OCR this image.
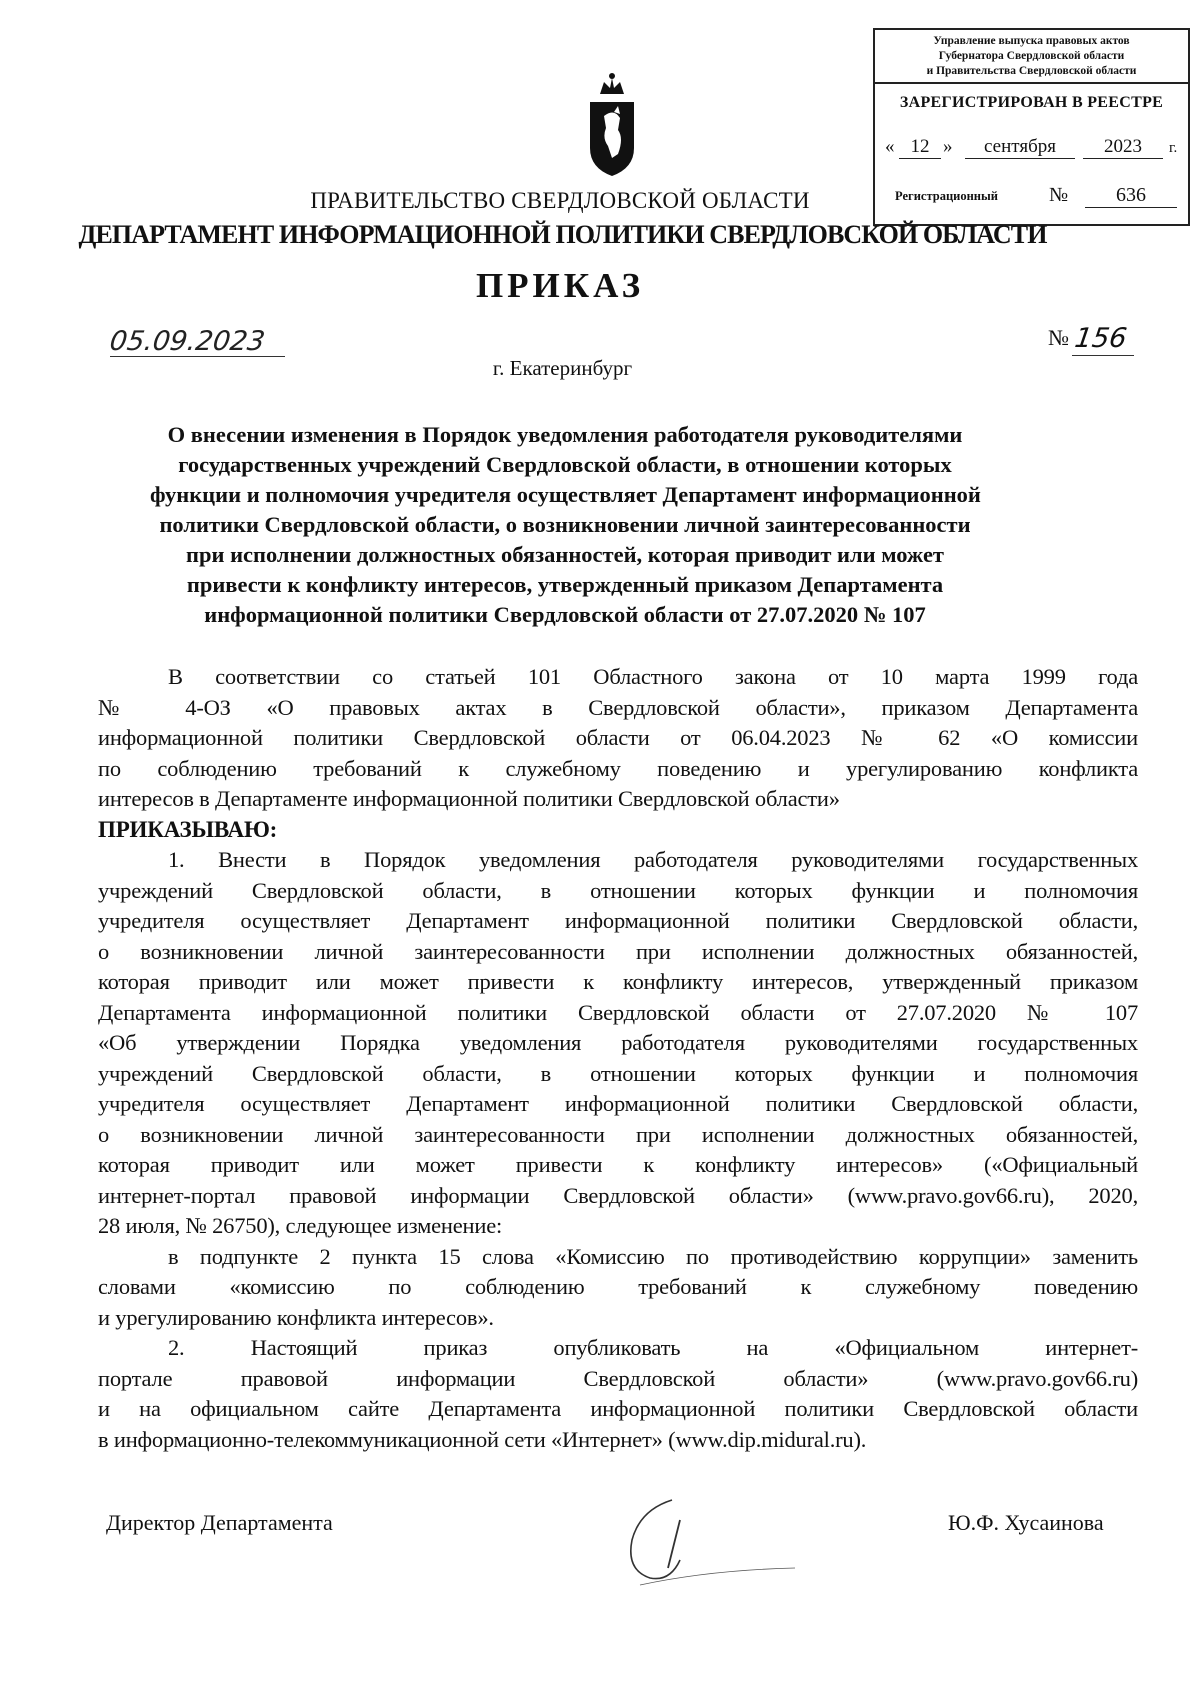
Управление выпуска правовых актов
Губернатора Свердловской области
и Правительства Свердловской области
ЗАРЕГИСТРИРОВАН В РЕЕСТРЕ
« 12 »	сентября	2023	г.
Регистрационный	№	636
ПРАВИТЕЛЬСТВО СВЕРДЛОВСКОЙ ОБЛАСТИ
ДЕПАРТАМЕНТ ИНФОРМАЦИОННОЙ ПОЛИТИКИ СВЕРДЛОВСКОЙ ОБЛАСТИ
ПРИКАЗ
05.09.2023	№ 156
г. Екатеринбург
О внесении изменения в Порядок уведомления работодателя руководителями
государственных учреждений Свердловской области, в отношении которых
функции и полномочия учредителя осуществляет Департамент информационной
политики Свердловской области, о возникновении личной заинтересованности
при исполнении должностных обязанностей, которая приводит или может
привести к конфликту интересов, утвержденный приказом Департамента
информационной политики Свердловской области от 27.07.2020 № 107
В соответствии со статьей 101 Областного закона от 10 марта 1999 года
№ 4-ОЗ «О правовых актах в Свердловской области», приказом Департамента
информационной политики Свердловской области от 06.04.2023 № 62 «О комиссии
по соблюдению требований к служебному поведению и урегулированию конфликта
интересов в Департаменте информационной политики Свердловской области»
ПРИКАЗЫВАЮ:
1. Внести в Порядок уведомления работодателя руководителями государственных
учреждений Свердловской области, в отношении которых функции и полномочия
учредителя осуществляет Департамент информационной политики Свердловской области,
о возникновении личной заинтересованности при исполнении должностных обязанностей,
которая приводит или может привести к конфликту интересов, утвержденный приказом
Департамента информационной политики Свердловской области от 27.07.2020 № 107
«Об утверждении Порядка уведомления работодателя руководителями государственных
учреждений Свердловской области, в отношении которых функции и полномочия
учредителя осуществляет Департамент информационной политики Свердловской области,
о возникновении личной заинтересованности при исполнении должностных обязанностей,
которая приводит или может привести к конфликту интересов» («Официальный
интернет-портал правовой информации Свердловской области» (www.pravo.gov66.ru), 2020,
28 июля, № 26750), следующее изменение:
в подпункте 2 пункта 15 слова «Комиссию по противодействию коррупции» заменить
словами «комиссию по соблюдению требований к служебному поведению
и урегулированию конфликта интересов».
2. Настоящий приказ опубликовать на «Официальном интернет-
портале правовой информации Свердловской области» (www.pravo.gov66.ru)
и на официальном сайте Департамента информационной политики Свердловской области
в информационно-телекоммуникационной сети «Интернет» (www.dip.midural.ru).
Директор Департамента	Ю.Ф. Хусаинова
